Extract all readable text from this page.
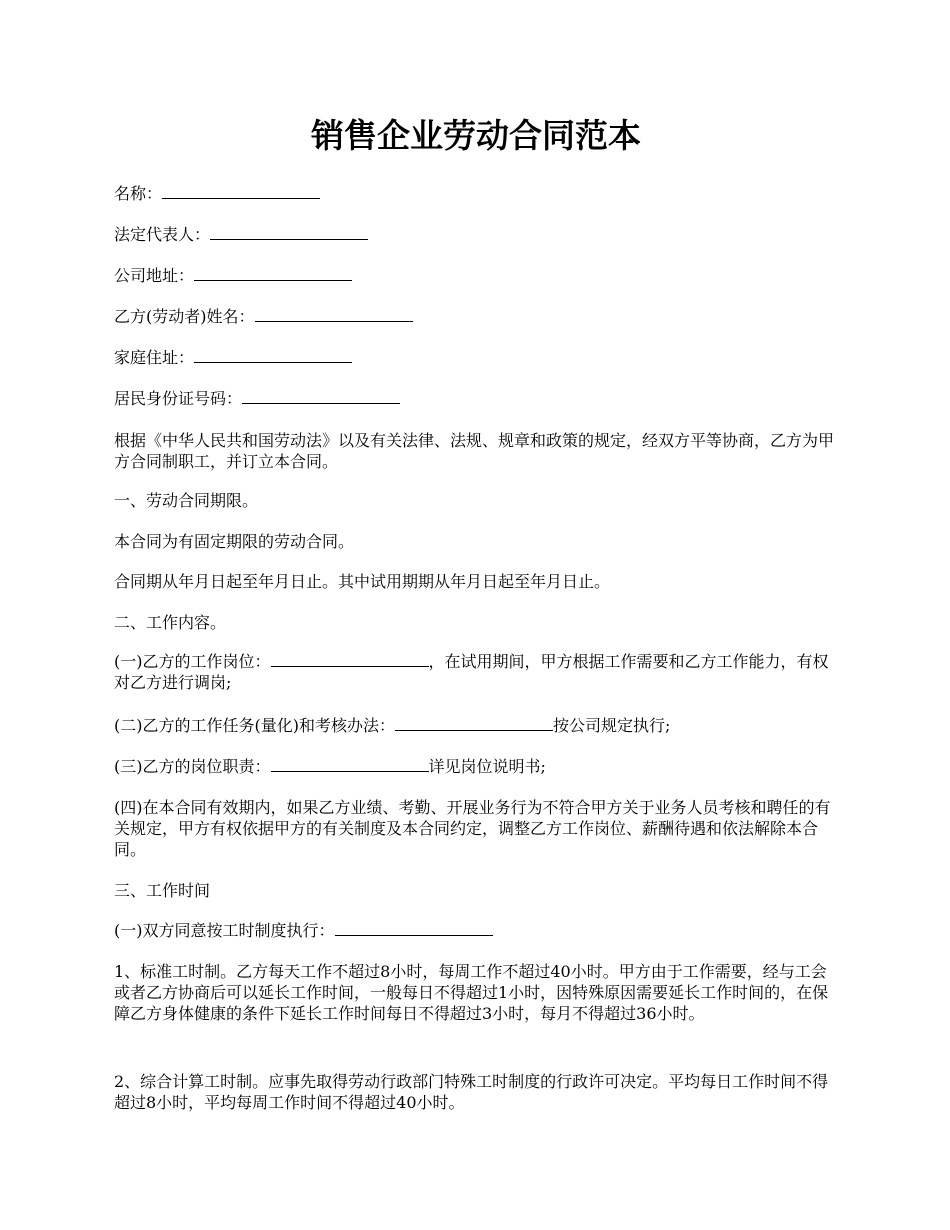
销售企业劳动合同范本

名称：

法定代表人：

公司地址：

乙方(劳动者)姓名：

家庭住址：

居民身份证号码：

根据《中华人民共和国劳动法》以及有关法律、法规、规章和政策的规定，经双方平等协商，乙方为甲方合同制职工，并订立本合同。

一、劳动合同期限。

本合同为有固定期限的劳动合同。

合同期从年月日起至年月日止。其中试用期期从年月日起至年月日止。

二、工作内容。

(一)乙方的工作岗位：	，在试用期间，甲方根据工作需要和乙方工作能力，有权对乙方进行调岗;

(二)乙方的工作任务(量化)和考核办法：	按公司规定执行;

(三)乙方的岗位职责：	详见岗位说明书;

(四)在本合同有效期内，如果乙方业绩、考勤、开展业务行为不符合甲方关于业务人员考核和聘任的有关规定，甲方有权依据甲方的有关制度及本合同约定，调整乙方工作岗位、薪酬待遇和依法解除本合同。

三、工作时间

(一)双方同意按工时制度执行：

1、标准工时制。乙方每天工作不超过8小时，每周工作不超过40小时。甲方由于工作需要，经与工会或者乙方协商后可以延长工作时间，一般每日不得超过1小时，因特殊原因需要延长工作时间的，在保障乙方身体健康的条件下延长工作时间每日不得超过3小时，每月不得超过36小时。

2、综合计算工时制。应事先取得劳动行政部门特殊工时制度的行政许可决定。平均每日工作时间不得超过8小时，平均每周工作时间不得超过40小时。
